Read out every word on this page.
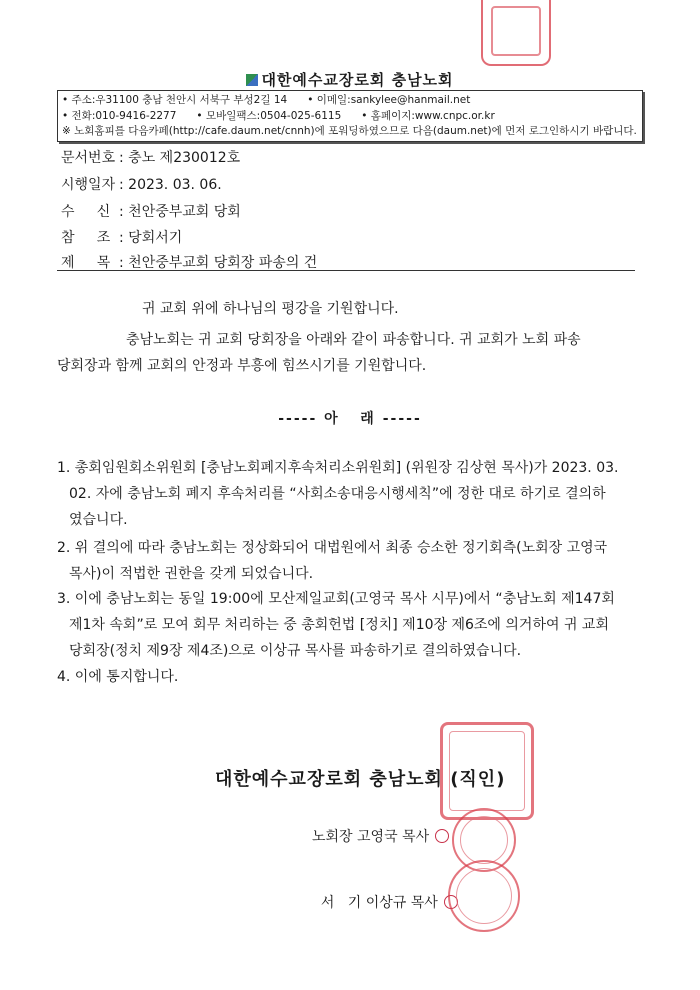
대한예수교장로회 충남노회
• 주소:우31100 충남 천안시 서북구 부성2길 14 • 이메일:sankylee@hanmail.net
• 전화:010-9416-2277 • 모바일팩스:0504-025-6115 • 홈페이지:www.cnpc.or.kr
※ 노회홈피를 다음카페(http://cafe.daum.net/cnnh)에 포워딩하였으므로 다음(daum.net)에 먼저 로그인하시기 바랍니다.
문서번호 : 충노 제230012호
시행일자 : 2023. 03. 06.
수     신 : 천안중부교회 당회
참     조 : 당회서기
제     목 : 천안중부교회 당회장 파송의 건
귀 교회 위에 하나님의 평강을 기원합니다.
충남노회는 귀 교회 당회장을 아래와 같이 파송합니다. 귀 교회가 노회 파송
당회장과 함께 교회의 안정과 부흥에 힘쓰시기를 기원합니다.
----- 아   래 -----
1. 총회임원회소위원회 [충남노회폐지후속처리소위원회] (위원장 김상현 목사)가 2023. 03.
02. 자에 충남노회 폐지 후속처리를 “사회소송대응시행세칙”에 정한 대로 하기로 결의하
였습니다.
2. 위 결의에 따라 충남노회는 정상화되어 대법원에서 최종 승소한 정기회측(노회장 고영국
목사)이 적법한 권한을 갖게 되었습니다.
3. 이에 충남노회는 동일 19:00에 모산제일교회(고영국 목사 시무)에서 “충남노회 제147회
제1차 속회”로 모여 회무 처리하는 중 총회헌법 [정치] 제10장 제6조에 의거하여 귀 교회
당회장(정치 제9장 제4조)으로 이상규 목사를 파송하기로 결의하였습니다.
4. 이에 통지합니다.
대한예수교장로회 충남노회 (직인)
노회장 고영국 목사

서   기 이상규 목사
